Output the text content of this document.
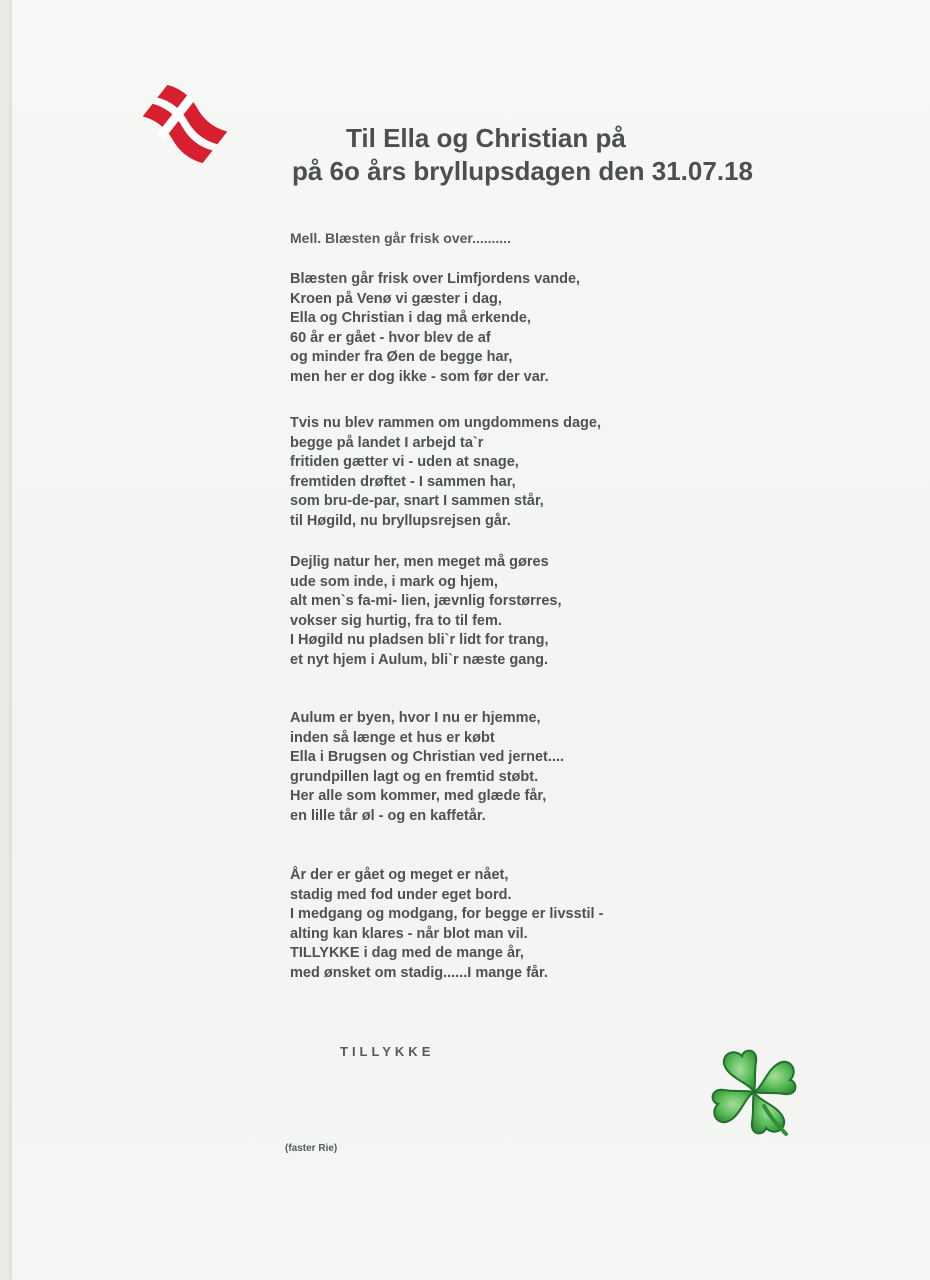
Til Ella og Christian på
på 6o års bryllupsdagen den 31.07.18
Mell. Blæsten går frisk over..........
Blæsten går frisk over Limfjordens vande,
Kroen på Venø vi gæster i dag,
Ella og Christian i dag må erkende,
60 år er gået - hvor blev de af
og minder fra Øen de begge har,
men her er dog ikke - som før der var.
Tvis nu blev rammen om ungdommens dage,
begge på landet I arbejd ta`r
fritiden gætter vi - uden at snage,
fremtiden drøftet - I sammen har,
som bru-de-par, snart I sammen står,
til Høgild, nu bryllupsrejsen går.
Dejlig natur her, men meget må gøres
ude som inde, i mark og hjem,
alt men`s fa-mi- lien, jævnlig forstørres,
vokser sig hurtig, fra to til fem.
I Høgild nu pladsen bli`r lidt for trang,
et nyt hjem i Aulum, bli`r næste gang.
Aulum er byen, hvor I nu er hjemme,
inden så længe et hus er købt
Ella i Brugsen og Christian ved jernet....
grundpillen lagt og en fremtid støbt.
Her alle som kommer, med glæde får,
en lille tår øl - og en kaffetår.
År der er gået og meget er nået,
stadig med fod under eget bord.
I medgang og modgang, for begge er livsstil -
alting kan klares - når blot man vil.
TILLYKKE i dag med de mange år,
med ønsket om stadig......I mange får.
TILLYKKE
(faster Rie)
